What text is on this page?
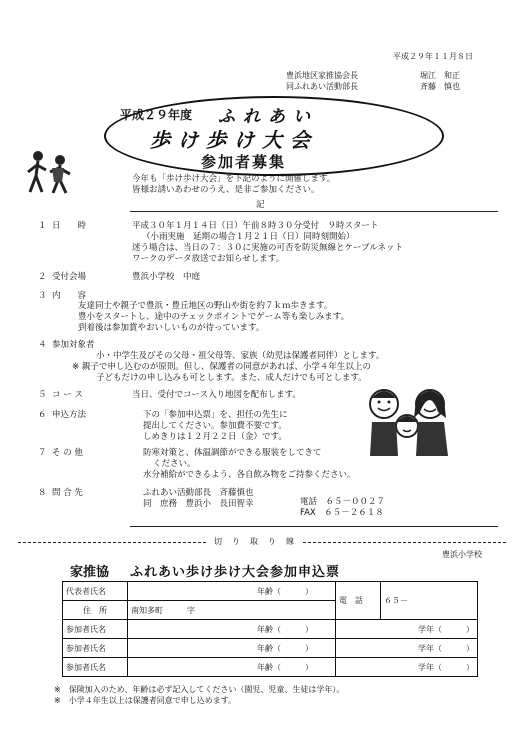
平成２９年１１月８日
豊浜地区家推協会長	堀江　和正
同ふれあい活動部長	斉藤　慎也
平成２９年度 ふれあい
歩け歩け大会
参加者募集
今年も「歩け歩け大会」を下記のように開催します。
皆様お誘いあわせのうえ、是非ご参加ください。
記
１ 日　　時	平成３０年１月１４日（日）午前８時３０分受付　９時スタート
（小雨実施　延期の場合１月２１日（日）同時刻開始）
迷う場合は、当日の７：３０に実施の可否を防災無線とケーブルネット
ワークのデータ放送でお知らせします。
２ 受付会場	豊浜小学校　中庭
３ 内　　容
友達同士や親子で豊浜・豊丘地区の野山や街を約７ｋｍ歩きます。
豊小をスタートし、途中のチェックポイントでゲーム等も楽しみます。
到着後は参加賞やおいしいものが待っています。
４ 参加対象者
小・中学生及びその父母・祖父母等、家族（幼児は保護者同伴）とします。
※ 親子で申し込むのが原則。但し、保護者の同意があれば、小学４年生以上の
子どもだけの申し込みも可とします。また、成人だけでも可とします。
５ コ ー ス	当日、受付でコース入り地図を配布します。
６ 申込方法	下の「参加申込票」を、担任の先生に
提出してください。参加費不要です。
しめきりは１２月２２日（金）です。
７ そ の 他	防寒対策と、体温調節ができる服装をしてきて
ください。
水分補給ができるよう、各自飲み物をご持参ください。
８ 問 合 先	ふれあい活動部長　斉藤慎也
同　庶務　豊浜小　長田智幸	電話　６５－００２７
FAX　６５－２６１８
切　り　取　り　線
豊浜小学校
家推協 ふれあい歩け歩け大会参加申込票
代表者氏名		年齢（　　　）	電　話	６５－
住　所	南知多町　　　字			
参加者氏名		年齢（　　　）	学年（　　　）	
参加者氏名		年齢（　　　）	学年（　　　）	
参加者氏名		年齢（　　　）	学年（　　　）	
※　保険加入のため、年齢は必ず記入してください（園児、児童、生徒は学年）。
※　小学４年生以上は保護者同意で申し込めます。
